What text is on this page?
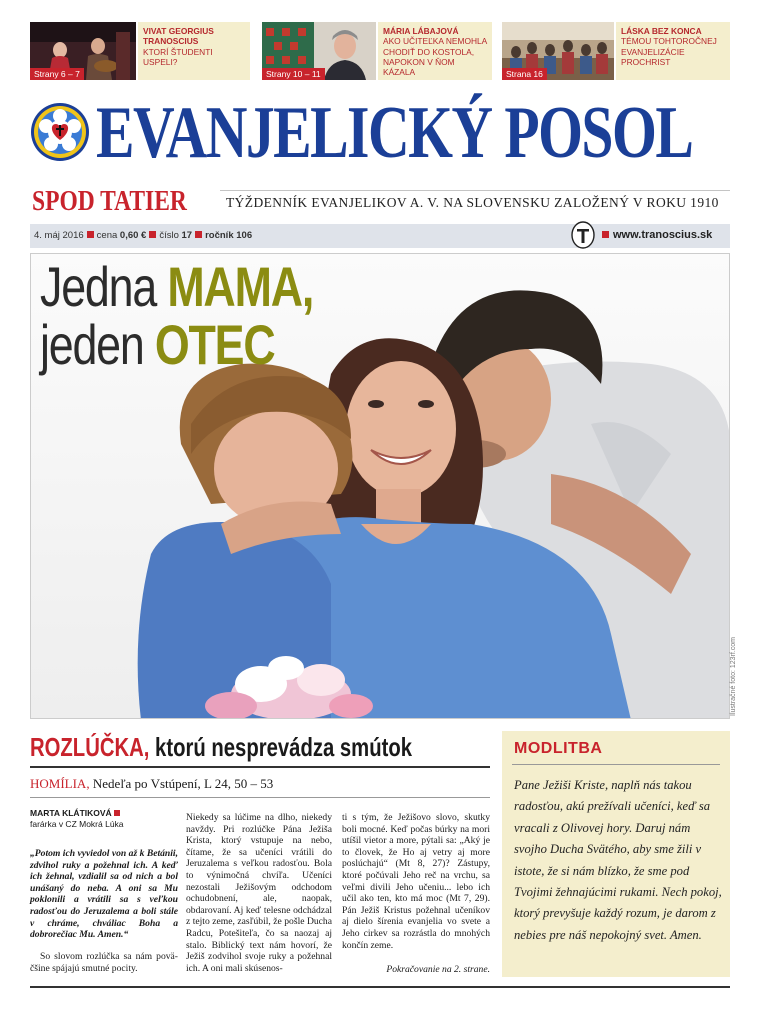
Strany 6 – 7
VIVAT GEORGIUS TRANOSCIUS
KTORÍ ŠTUDENTI USPELI?
Strany 10 – 11
MÁRIA LÁBAJOVÁ
AKO UČITEĽKA NEMOHLA CHODIŤ DO KOSTOLA, NAPOKON V ŇOM KÁZALA	Strana 16
LÁSKA BEZ KONCA
TÉMOU TOHTOROČNEJ EVANJELIZÁCIE PROCHRIST
EVANJELICKÝ POSOL
SPOD TATIER	TÝŽDENNÍK EVANJELIKOV A. V. NA SLOVENSKU ZALOŽENÝ V ROKU 1910
4. máj 2016 cena 0,60 € číslo 17 ročník 106	www.tranoscius.sk
Jedna MAMA,
jeden OTEC
Ilustračné foto: 123rf.com
ROZLÚČKA, ktorú nesprevádza smútok
HOMÍLIA, Nedeľa po Vstúpení, L 24, 50 – 53
MARTA KLÁTIKOVÁ
farárka v CZ Mokrá Lúka
„Potom ich vyviedol von až k Betánii, zdvihol ruky a požehnal ich. A keď ich žehnal, vzdialil sa od nich a bol unášaný do neba. A oni sa Mu poklonili a vrátili sa s veľkou radosťou do Jeruzalema a boli stále v chráme, chváliac Boha a dobrorečiac Mu. Amen.“
So slovom rozlúčka sa nám poväčšine spájajú smutné pocity.
Niekedy sa lúčime na dlho, niekedy navždy. Pri rozlúčke Pána Ježiša Krista, ktorý vstupuje na nebo, čítame, že sa učeníci vrátili do Jeruzalema s veľkou radosťou. Bola to výnimočná chvíľa. Učeníci nezostali Ježišovým odchodom ochudobnení, ale, naopak, obdarovaní. Aj keď telesne odchádzal z tejto zeme, zasľúbil, že pošle Ducha Radcu, Potešiteľa, čo sa naozaj aj stalo. Biblický text nám hovorí, že Ježiš zodvihol svoje ruky a požehnal ich. A oni mali skúsenos-
ti s tým, že Ježišovo slovo, skutky boli mocné. Keď počas búrky na mori utíšil vietor a more, pýtali sa: „Aký je to človek, že Ho aj vetry aj more poslúchajú“ (Mt 8, 27)? Zástupy, ktoré počúvali Jeho reč na vrchu, sa veľmi divili Jeho učeniu... lebo ich učil ako ten, kto má moc (Mt 7, 29). Pán Ježiš Kristus požehnal učeníkov aj dielo šírenia evanjelia vo svete a Jeho cirkev sa rozrástla do mnohých končín zeme.
Pokračovanie na 2. strane.
MODLITBA
Pane Ježiši Kriste, naplň nás takou radosťou, akú prežívali učeníci, keď sa vracali z Olivovej hory. Daruj nám svojho Ducha Svätého, aby sme žili v istote, že si nám blízko, že sme pod Tvojimi žehnajúcimi rukami. Nech pokoj, ktorý prevyšuje každý rozum, je darom z nebies pre náš nepokojný svet. Amen.
